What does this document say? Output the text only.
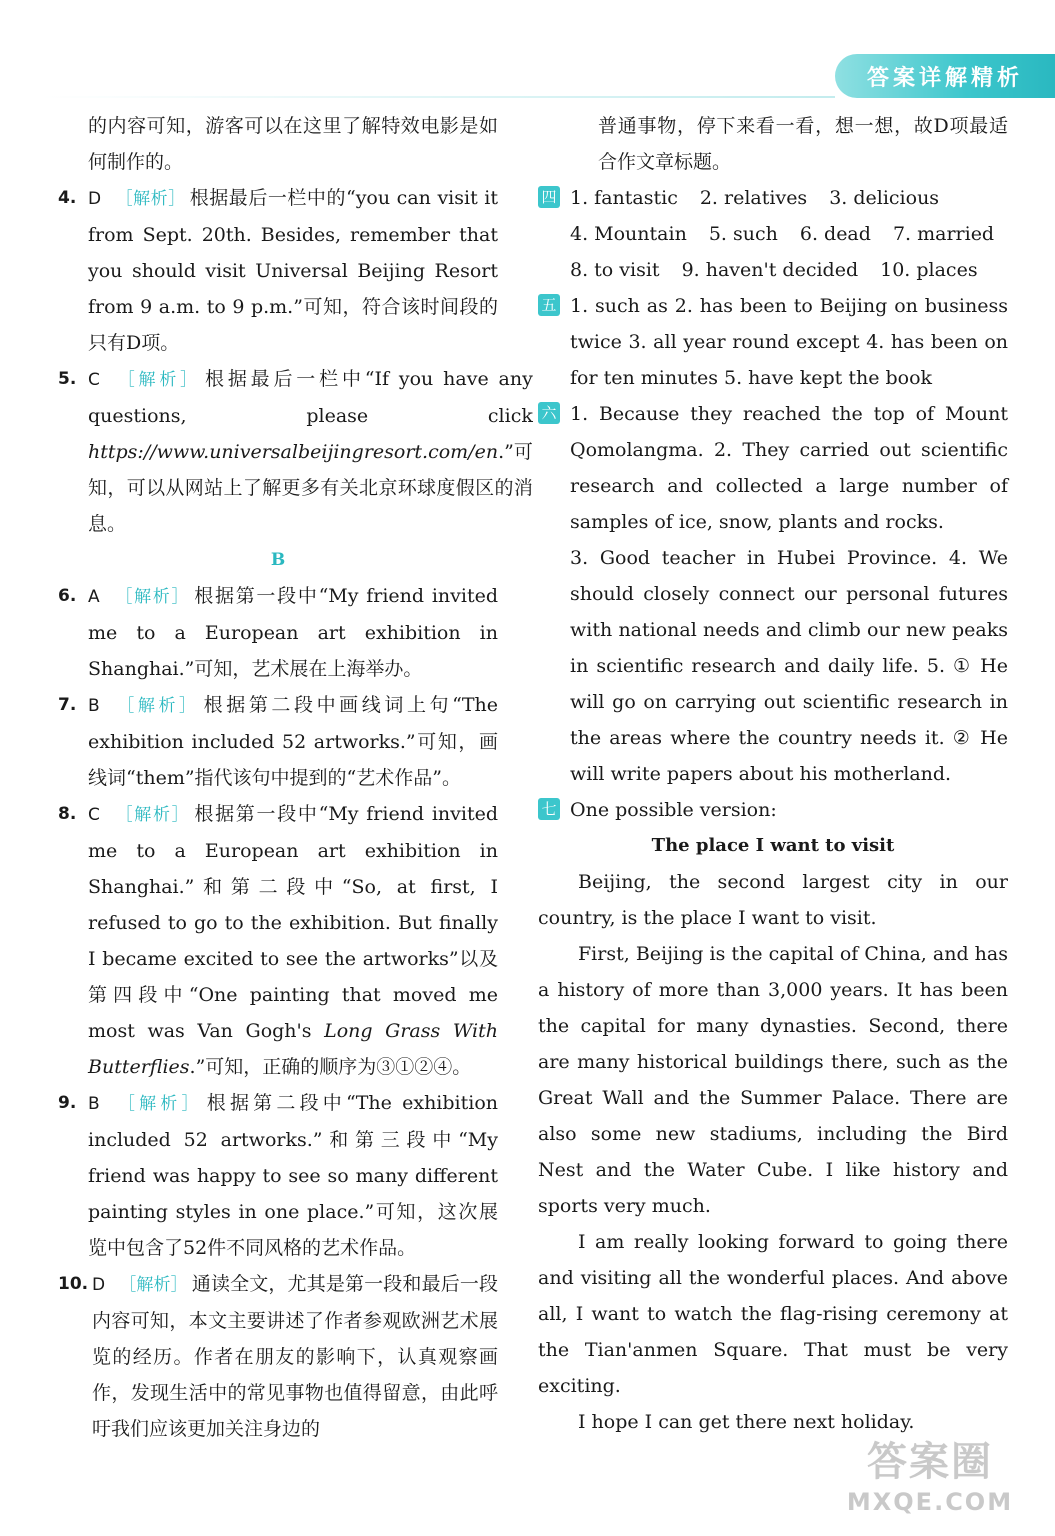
答案详解精析

的内容可知，游客可以在这里了解特效电影是如何制作的。

4. D ［解析］ 根据最后一栏中的“you can visit it from Sept. 20th. Besides, remember that you should visit Universal Beijing Resort from 9 a.m. to 9 p.m.”可知，符合该时间段的只有D项。
5. C ［解析］ 根据最后一栏中“If you have any questions, please click https://www.universalbeijingresort.com/en.”可知，可以从网站上了解更多有关北京环球度假区的消息。
B
6. A ［解析］ 根据第一段中“My friend invited me to a European art exhibition in Shanghai.”可知，艺术展在上海举办。
7. B ［解析］ 根据第二段中画线词上句“The exhibition included 52 artworks.”可知，画线词“them”指代该句中提到的“艺术作品”。
8. C ［解析］ 根据第一段中“My friend invited me to a European art exhibition in Shanghai.”和第二段中“So, at first, I refused to go to the exhibition. But finally I became excited to see the artworks”以及第四段中“One painting that moved me most was Van Gogh's Long Grass With Butterflies.”可知，正确的顺序为③①②④。
9. B ［解析］ 根据第二段中“The exhibition included 52 artworks.”和第三段中“My friend was happy to see so many different painting styles in one place.”可知，这次展览中包含了52件不同风格的艺术作品。
10. D ［解析］ 通读全文，尤其是第一段和最后一段内容可知，本文主要讲述了作者参观欧洲艺术展览的经历。作者在朋友的影响下，认真观察画作，发现生活中的常见事物也值得留意，由此呼吁我们应该更加关注身边的

普通事物，停下来看一看，想一想，故D项最适合作文章标题。

四 1. fantastic 2. relatives 3. delicious
4. Mountain 5. such 6. dead 7. married
8. to visit 9. haven't decided 10. places
五 1. such as 2. has been to Beijing on business twice 3. all year round except 4. has been on for ten minutes 5. have kept the book
六 1. Because they reached the top of Mount Qomolangma. 2. They carried out scientific research and collected a large number of samples of ice, snow, plants and rocks.

3. Good teacher in Hubei Province. 4. We should closely connect our personal futures with national needs and climb our new peaks in scientific research and daily life. 5. ① He will go on carrying out scientific research in the areas where the country needs it. ② He will write papers about his motherland.

七 One possible version:
The place I want to visit

Beijing, the second largest city in our country, is the place I want to visit.

First, Beijing is the capital of China, and has a history of more than 3,000 years. It has been the capital for many dynasties. Second, there are many historical buildings there, such as the Great Wall and the Summer Palace. There are also some new stadiums, including the Bird Nest and the Water Cube. I like history and sports very much.

I am really looking forward to going there and visiting all the wonderful places. And above all, I want to watch the flag-rising ceremony at the Tian'anmen Square. That must be very exciting.

I hope I can get there next holiday.

答案圈
MXQE.COM
